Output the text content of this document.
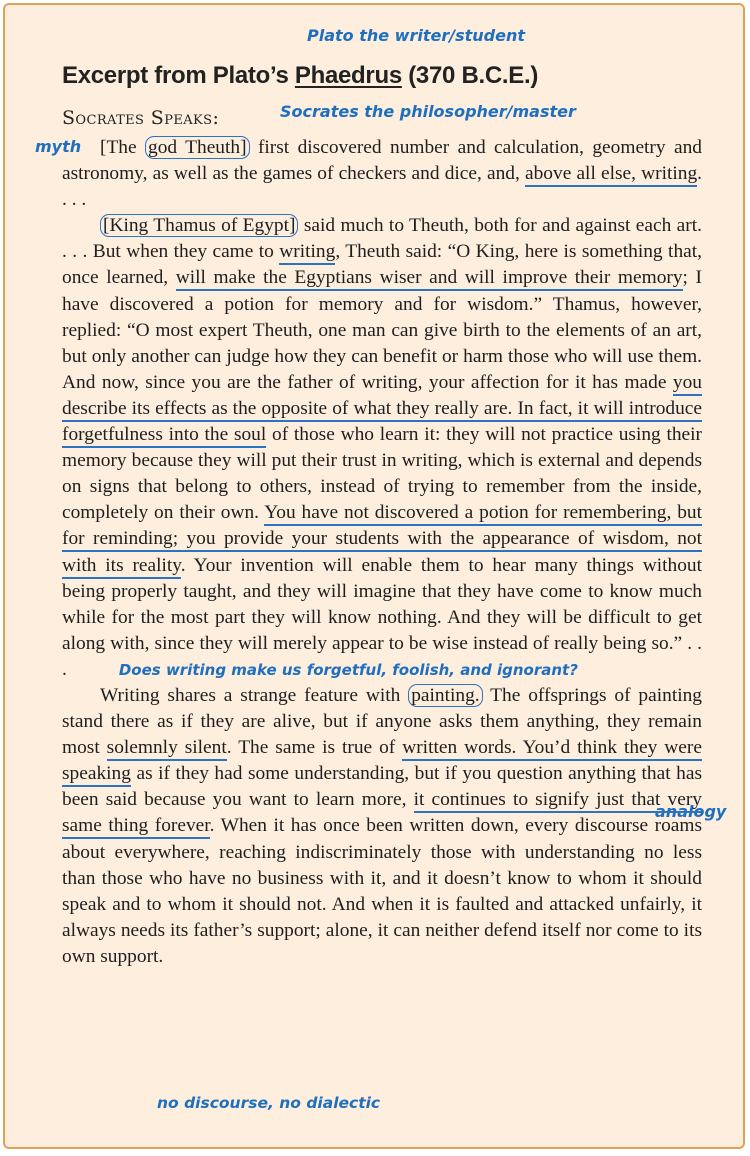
Plato the writer/student
Excerpt from Plato’s Phaedrus (370 B.C.E.)
Socrates Speaks:	Socrates the philosopher/master
myth
analogy

[The god Theuth] first discovered number and calculation, geometry and astronomy, as well as the games of checkers and dice, and, above all else, writing. . . .

[King Thamus of Egypt] said much to Theuth, both for and against each art. . . . But when they came to writing, Theuth said: “O King, here is something that, once learned, will make the Egyptians wiser and will improve their memory; I have discovered a potion for memory and for wisdom.” Thamus, however, replied: “O most expert Theuth, one man can give birth to the elements of an art, but only another can judge how they can benefit or harm those who will use them. And now, since you are the father of writing, your affection for it has made you describe its effects as the opposite of what they really are. In fact, it will introduce forgetfulness into the soul of those who learn it: they will not practice using their memory because they will put their trust in writing, which is external and depends on signs that belong to others, instead of trying to remember from the inside, completely on their own. You have not discovered a potion for remembering, but for reminding; you provide your students with the appearance of wisdom, not with its reality. Your invention will enable them to hear many things without being properly taught, and they will imagine that they have come to know much while for the most part they will know nothing. And they will be difficult to get along with, since they will merely appear to be wise instead of really being so.” . . .	Does writing make us forgetful, foolish, and ignorant?

Writing shares a strange feature with painting. The offsprings of painting stand there as if they are alive, but if anyone asks them anything, they remain most solemnly silent. The same is true of written words. You’d think they were speaking as if they had some understanding, but if you question anything that has been said because you want to learn more, it continues to signify just that very same thing forever. When it has once been written down, every discourse roams about everywhere, reaching indiscriminately those with understanding no less than those who have no business with it, and it doesn’t know to whom it should speak and to whom it should not. And when it is faulted and attacked unfairly, it always needs its father’s support; alone, it can neither defend itself nor come to its own support.

no discourse, no dialectic
